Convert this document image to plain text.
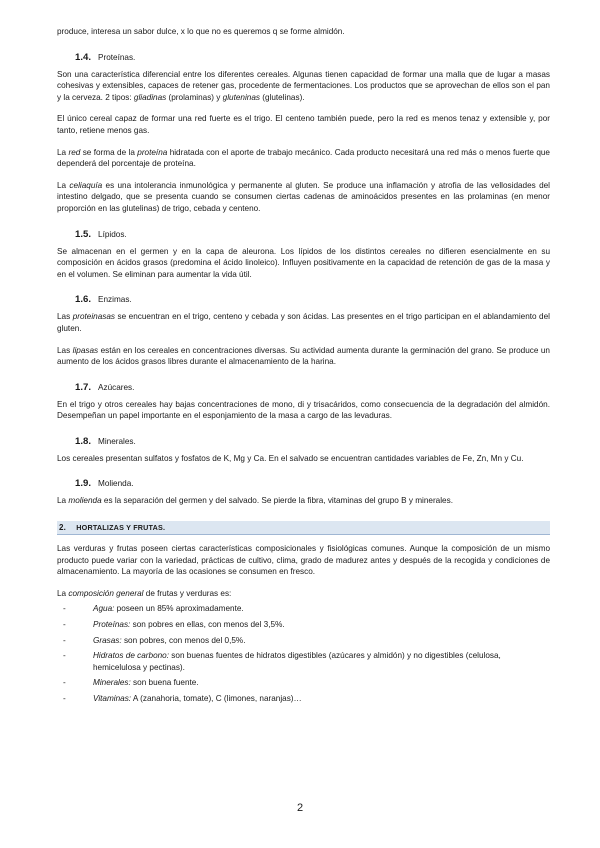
produce, interesa un sabor dulce, x lo que no es queremos q se forme almidón.

1.4. Proteínas.

Son una característica diferencial entre los diferentes cereales. Algunas tienen capacidad de formar una malla que de lugar a masas cohesivas y extensibles, capaces de retener gas, procedente de fermentaciones. Los productos que se aprovechan de ellos son el pan y la cerveza. 2 tipos: gliadinas (prolaminas) y gluteninas (glutelinas).

El único cereal capaz de formar una red fuerte es el trigo. El centeno también puede, pero la red es menos tenaz y extensible y, por tanto, retiene menos gas.

La red se forma de la proteína hidratada con el aporte de trabajo mecánico. Cada producto necesitará una red más o menos fuerte que dependerá del porcentaje de proteína.

La celiaquía es una intolerancia inmunológica y permanente al gluten. Se produce una inflamación y atrofia de las vellosidades del intestino delgado, que se presenta cuando se consumen ciertas cadenas de aminoácidos presentes en las prolaminas (en menor proporción en las glutelinas) de trigo, cebada y centeno.

1.5. Lípidos.

Se almacenan en el germen y en la capa de aleurona. Los lípidos de los distintos cereales no difieren esencialmente en su composición en ácidos grasos (predomina el ácido linoleico). Influyen positivamente en la capacidad de retención de gas de la masa y en el volumen. Se eliminan para aumentar la vida útil.

1.6. Enzimas.

Las proteinasas se encuentran en el trigo, centeno y cebada y son ácidas. Las presentes en el trigo participan en el ablandamiento del gluten.

Las lipasas están en los cereales en concentraciones diversas. Su actividad aumenta durante la germinación del grano. Se produce un aumento de los ácidos grasos libres durante el almacenamiento de la harina.

1.7. Azúcares.

En el trigo y otros cereales hay bajas concentraciones de mono, di y trisacáridos, como consecuencia de la degradación del almidón. Desempeñan un papel importante en el esponjamiento de la masa a cargo de las levaduras.

1.8. Minerales.

Los cereales presentan sulfatos y fosfatos de K, Mg y Ca. En el salvado se encuentran cantidades variables de Fe, Zn, Mn y Cu.

1.9. Molienda.

La molienda es la separación del germen y del salvado. Se pierde la fibra, vitaminas del grupo B y minerales.

2. HORTALIZAS Y FRUTAS.

Las verduras y frutas poseen ciertas características composicionales y fisiológicas comunes. Aunque la composición de un mismo producto puede variar con la variedad, prácticas de cultivo, clima, grado de madurez antes y después de la recogida y condiciones de almacenamiento. La mayoría de las ocasiones se consumen en fresco.

La composición general de frutas y verduras es:

-	Agua: poseen un 85% aproximadamente.
-	Proteínas: son pobres en ellas, con menos del 3,5%.
-	Grasas: son pobres, con menos del 0,5%.
-	Hidratos de carbono: son buenas fuentes de hidratos digestibles (azúcares y almidón) y no digestibles (celulosa, hemicelulosa y pectinas).
-	Minerales: son buena fuente.
-	Vitaminas: A (zanahoria, tomate), C (limones, naranjas)…
2
